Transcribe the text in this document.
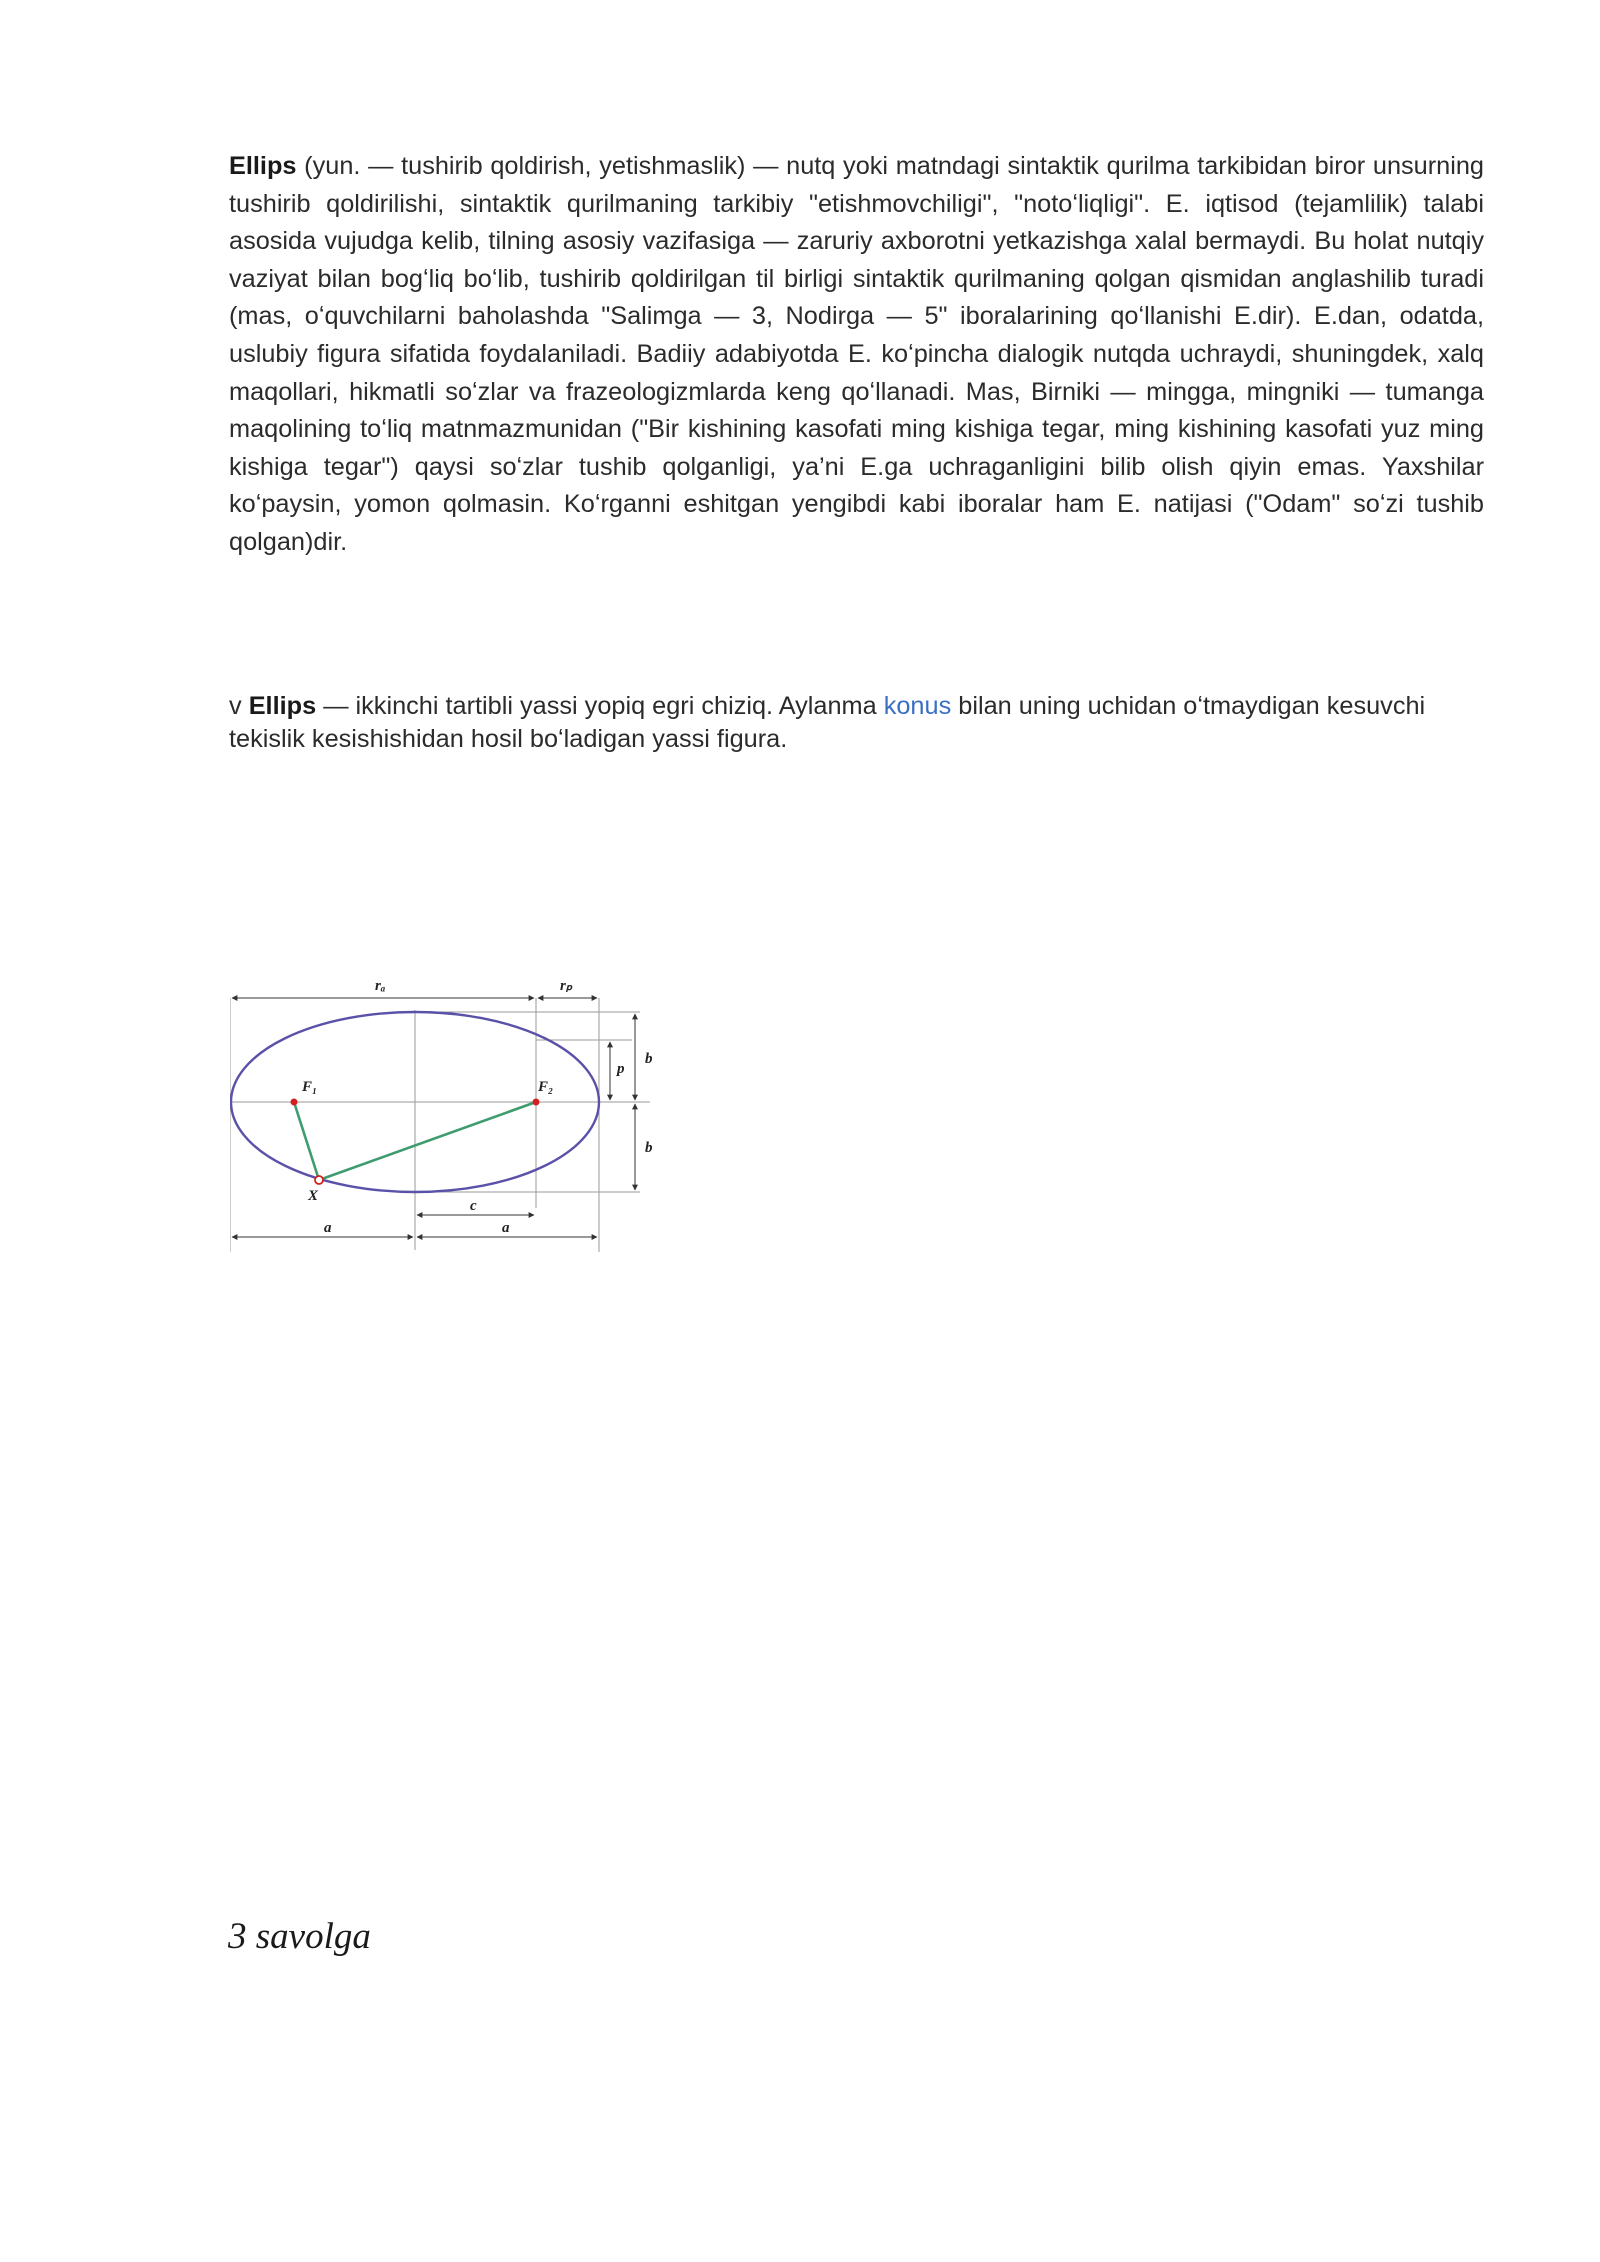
Ellips (yun. — tushirib qoldirish, yetishmaslik) — nutq yoki matndagi sintaktik qurilma tarkibidan biror unsurning tushirib qoldirilishi, sintaktik qurilmaning tarkibiy "etishmovchiligi", "notoʻliqligi". E. iqtisod (tejamlilik) talabi asosida vujudga kelib, tilning asosiy vazifasiga — zaruriy axborotni yetkazishga xalal bermaydi. Bu holat nutqiy vaziyat bilan bogʻliq boʻlib, tushirib qoldirilgan til birligi sintaktik qurilmaning qolgan qismidan anglashilib turadi (mas, oʻquvchilarni baholashda "Salimga — 3, Nodirga — 5" iboralarining qoʻllanishi E.dir). E.dan, odatda, uslubiy figura sifatida foydalaniladi. Badiiy adabiyotda E. koʻpincha dialogik nutqda uchraydi, shuningdek, xalq maqollari, hikmatli soʻzlar va frazeologizmlarda keng qoʻllanadi. Mas, Birniki — mingga, mingniki — tumanga maqolining toʻliq matnmazmunidan ("Bir kishining kasofati ming kishiga tegar, ming kishining kasofati yuz ming kishiga tegar") qaysi soʻzlar tushib qolganligi, ya’ni E.ga uchraganligini bilib olish qiyin emas. Yaxshilar koʻpaysin, yomon qolmasin. Koʻrganni eshitgan yengibdi kabi iboralar ham E. natijasi ("Odam" soʻzi tushib qolgan)dir.

v Ellips — ikkinchi tartibli yassi yopiq egri chiziq. Aylanma konus bilan uning uchidan oʻtmaydigan kesuvchi tekislik kesishishidan hosil boʻladigan yassi figura.

rₐ	rₚ
F₁	F₂
p
b
b
X
c
a	a
3 savolga
